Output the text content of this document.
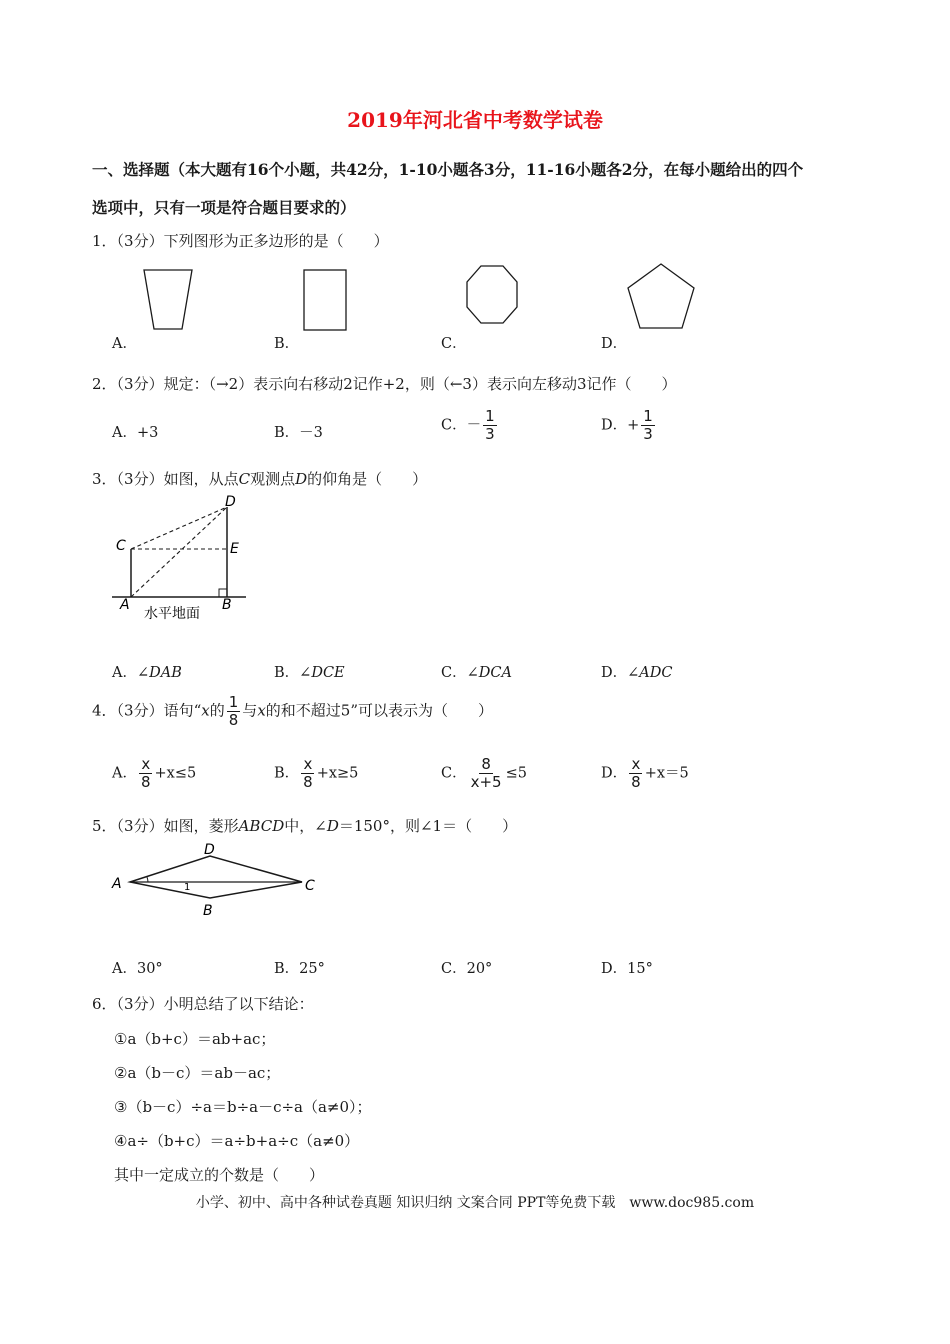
2019年河北省中考数学试卷
一、选择题（本大题有16个小题，共42分，1-10小题各3分，11-16小题各2分，在每小题给出的四个
选项中，只有一项是符合题目要求的）
1．（3分）下列图形为正多边形的是（　　）
A．	B．	C．	D．
2．（3分）规定：（→2）表示向右移动2记作+2，则（←3）表示向左移动3记作（　　）
A．+3	B．－3	C．－ $\frac{1}{3}$	D．+ $\frac{1}{3}$
3．（3分）如图，从点C观测点D的仰角是（　　）
D
C	E
A	B
水平地面
A．∠DAB	B．∠DCE	C．∠DCA	D．∠ADC
4．（3分）语句“x的 $\frac{1}{8}$ 与x的和不超过5”可以表示为（　　）
A． $\frac{x}{8} +x\le 5$	B． $\frac{x}{8} +x\ge 5$	C． $\frac{8}{x+5} \le 5$	D． $\frac{x}{8} +x=5$
5．（3分）如图，菱形ABCD中，∠D＝150°，则∠1＝（　　）
D
A	C
B
1
A．30°	B．25°	C．20°	D．15°
6．（3分）小明总结了以下结论：
①a（b+c）＝ab+ac；
②a（b－c）＝ab－ac；
③（b－c）÷a＝b÷a－c÷a（a≠0）；
④a÷（b+c）＝a÷b+a÷c（a≠0）
其中一定成立的个数是（　　）
小学、初中、高中各种试卷真题 知识归纳 文案合同 PPT等免费下载　www.doc985.com
